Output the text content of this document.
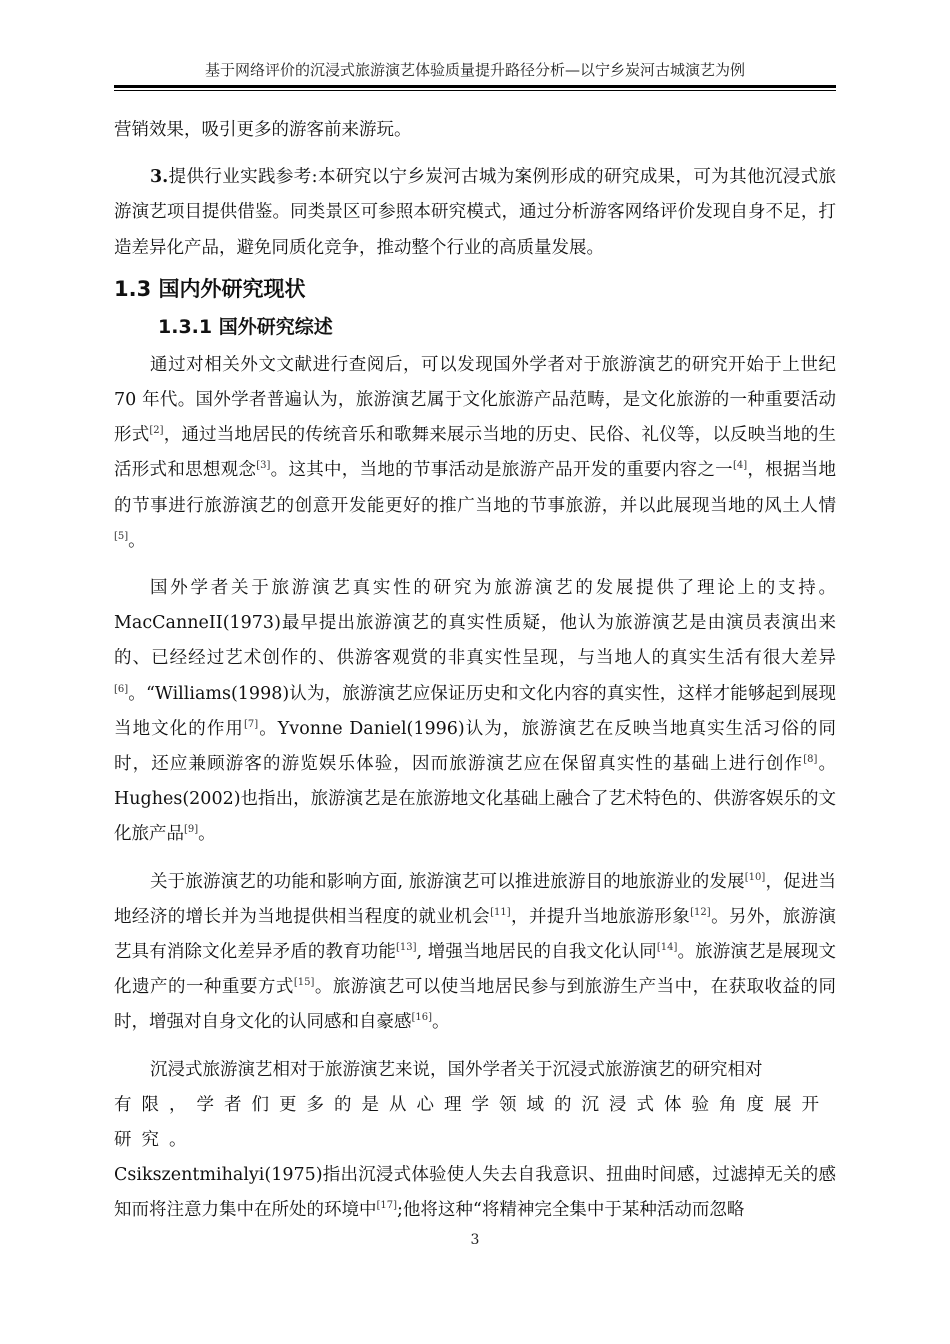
基于网络评价的沉浸式旅游演艺体验质量提升路径分析—以宁乡炭河古城演艺为例

营销效果，吸引更多的游客前来游玩。

3.提供行业实践参考:本研究以宁乡炭河古城为案例形成的研究成果，可为其他沉浸式旅游演艺项目提供借鉴。同类景区可参照本研究模式，通过分析游客网络评价发现自身不足，打造差异化产品，避免同质化竞争，推动整个行业的高质量发展。

1.3 国内外研究现状
1.3.1 国外研究综述

通过对相关外文文献进行查阅后，可以发现国外学者对于旅游演艺的研究开始于上世纪 70 年代。国外学者普遍认为，旅游演艺属于文化旅游产品范畴，是文化旅游的一种重要活动形式[2]，通过当地居民的传统音乐和歌舞来展示当地的历史、民俗、礼仪等，以反映当地的生活形式和思想观念[3]。这其中，当地的节事活动是旅游产品开发的重要内容之一[4]，根据当地的节事进行旅游演艺的创意开发能更好的推广当地的节事旅游，并以此展现当地的风土人情[5]。

国外学者关于旅游演艺真实性的研究为旅游演艺的发展提供了理论上的支持。MacCanneII(1973)最早提出旅游演艺的真实性质疑，他认为旅游演艺是由演员表演出来的、已经经过艺术创作的、供游客观赏的非真实性呈现，与当地人的真实生活有很大差异[6]。“Williams(1998)认为，旅游演艺应保证历史和文化内容的真实性，这样才能够起到展现当地文化的作用[7]。Yvonne Daniel(1996)认为，旅游演艺在反映当地真实生活习俗的同时，还应兼顾游客的游览娱乐体验，因而旅游演艺应在保留真实性的基础上进行创作[8]。 Hughes(2002)也指出，旅游演艺是在旅游地文化基础上融合了艺术特色的、供游客娱乐的文化旅产品[9]。

关于旅游演艺的功能和影响方面, 旅游演艺可以推进旅游目的地旅游业的发展[10]，促进当地经济的增长并为当地提供相当程度的就业机会[11]，并提升当地旅游形象[12]。另外，旅游演艺具有消除文化差异矛盾的教育功能[13], 增强当地居民的自我文化认同[14]。旅游演艺是展现文化遗产的一种重要方式[15]。旅游演艺可以使当地居民参与到旅游生产当中，在获取收益的同时，增强对自身文化的认同感和自豪感[16]。

沉浸式旅游演艺相对于旅游演艺来说，国外学者关于沉浸式旅游演艺的研究相对

有限，学者们更多的是从心理学领域的沉浸式体验角度展开研究。

Csikszentmihalyi(1975)指出沉浸式体验使人失去自我意识、扭曲时间感，过滤掉无关的感知而将注意力集中在所处的环境中[17];他将这种“将精神完全集中于某种活动而忽略

3
